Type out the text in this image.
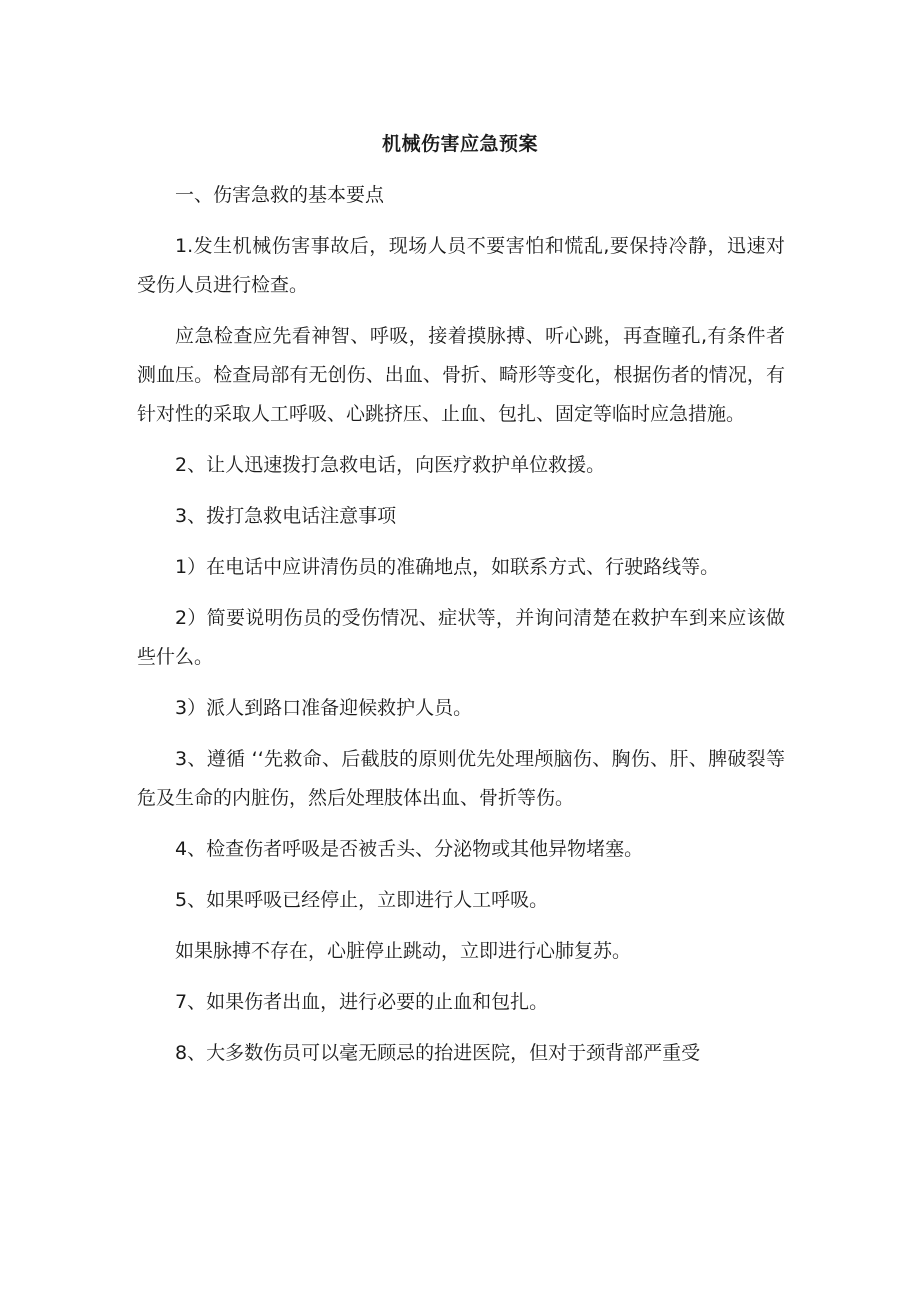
机械伤害应急预案

一、伤害急救的基本要点

1.发生机械伤害事故后，现场人员不要害怕和慌乱,要保持冷静，迅速对受伤人员进行检查。

应急检查应先看神智、呼吸，接着摸脉搏、听心跳，再查瞳孔,有条件者测血压。检查局部有无创伤、出血、骨折、畸形等变化，根据伤者的情况，有针对性的采取人工呼吸、心跳挤压、止血、包扎、固定等临时应急措施。

2、让人迅速拨打急救电话，向医疗救护单位救援。

3、拨打急救电话注意事项

1）在电话中应讲清伤员的准确地点，如联系方式、行驶路线等。

2）简要说明伤员的受伤情况、症状等，并询问清楚在救护车到来应该做些什么。

3）派人到路口准备迎候救护人员。

3、遵循 ‘‘先救命、后截肢的原则优先处理颅脑伤、胸伤、肝、脾破裂等危及生命的内脏伤，然后处理肢体出血、骨折等伤。

4、检查伤者呼吸是否被舌头、分泌物或其他异物堵塞。

5、如果呼吸已经停止，立即进行人工呼吸。

如果脉搏不存在，心脏停止跳动，立即进行心肺复苏。

7、如果伤者出血，进行必要的止血和包扎。

8、大多数伤员可以毫无顾忌的抬进医院，但对于颈背部严重受
